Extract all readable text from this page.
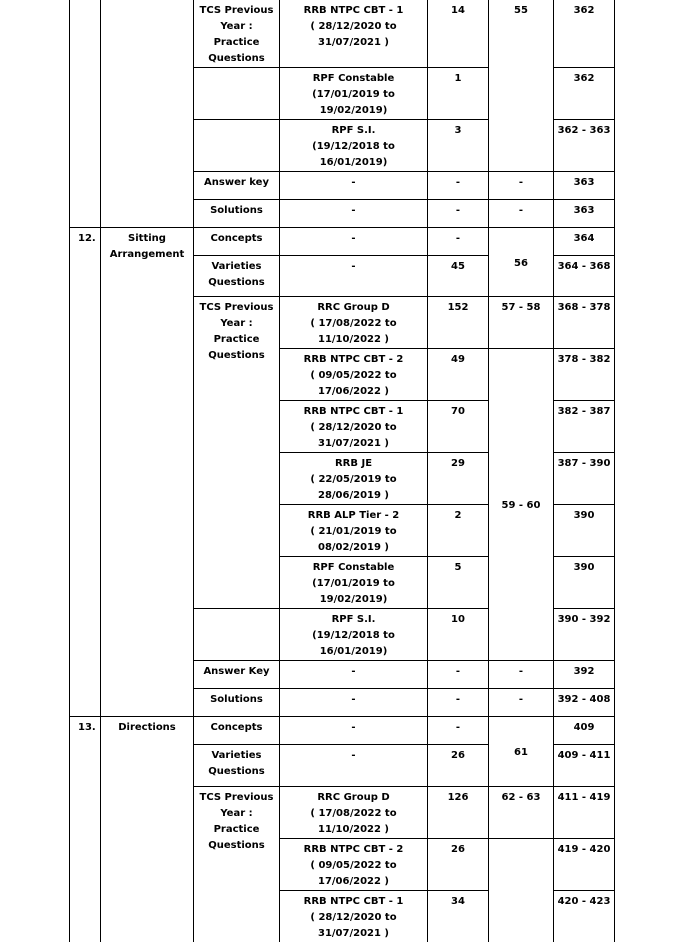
		TCS Previous Year : Practice Questions	RRB NTPC CBT - 1
( 28/12/2020 to 31/07/2021 )	14	55	362

			RPF Constable
(17/01/2019 to 19/02/2019)	1		362

			RPF S.I.
(19/12/2018 to 16/01/2019)	3		362 - 363
		Answer key	-	-	-	363
		Solutions	-	-	-	363
12.	Sitting Arrangement	Concepts	-	-	56	364
		Varieties Questions	-	45		364 - 368
		TCS Previous Year : Practice Questions	RRC Group D
( 17/08/2022 to 11/10/2022 )	152	57 - 58	368 - 378

			RRB NTPC CBT - 2
( 09/05/2022 to 17/06/2022 )	49	59 - 60	378 - 382

			RRB NTPC CBT - 1
( 28/12/2020 to 31/07/2021 )	70		382 - 387

			RRB JE
( 22/05/2019 to 28/06/2019 )	29		387 - 390

			RRB ALP Tier - 2
( 21/01/2019 to 08/02/2019 )	2		390

			RPF Constable
(17/01/2019 to 19/02/2019)	5		390

			RPF S.I.
(19/12/2018 to 16/01/2019)	10		390 - 392
		Answer Key	-	-	-	392
		Solutions	-	-	-	392 - 408
13.	Directions	Concepts	-	-	61	409
		Varieties Questions	-	26		409 - 411
		TCS Previous Year : Practice Questions	RRC Group D
( 17/08/2022 to 11/10/2022 )	126	62 - 63	411 - 419

			RRB NTPC CBT - 2
( 09/05/2022 to 17/06/2022 )	26		419 - 420

			RRB NTPC CBT - 1
( 28/12/2020 to 31/07/2021 )	34		420 - 423
